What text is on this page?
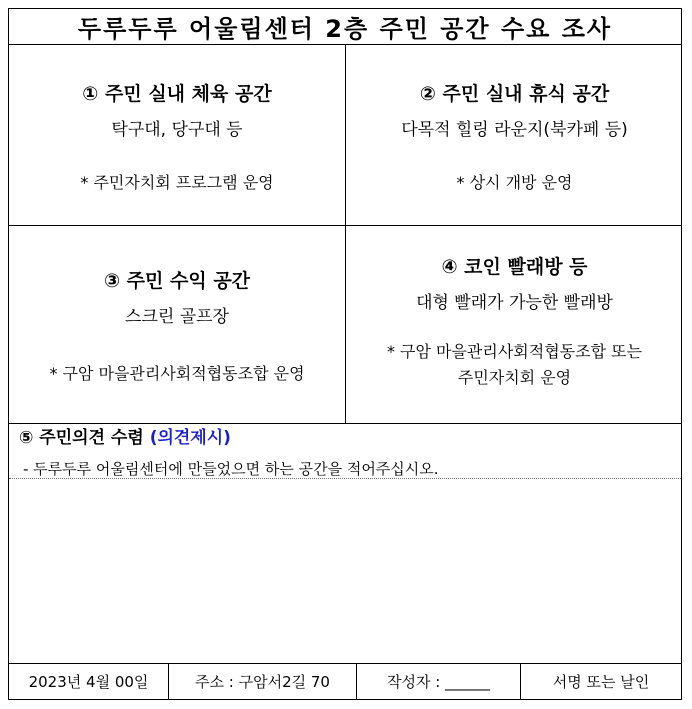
두루두루 어울림센터 2층 주민 공간 수요 조사
① 주민 실내 체육 공간
탁구대, 당구대 등
* 주민자치회 프로그램 운영
② 주민 실내 휴식 공간
다목적 힐링 라운지(북카페 등)
* 상시 개방 운영
③ 주민 수익 공간
스크린 골프장
* 구암 마을관리사회적협동조합 운영
④ 코인 빨래방 등
대형 빨래가 가능한 빨래방
* 구암 마을관리사회적협동조합 또는
주민자치회 운영
⑤ 주민의견 수렴 (의견제시)
- 두루두루 어울림센터에 만들었으면 하는 공간을 적어주십시오.
2023년 4월 00일	주소 : 구암서2길 70	작성자 : ______	서명 또는 날인
